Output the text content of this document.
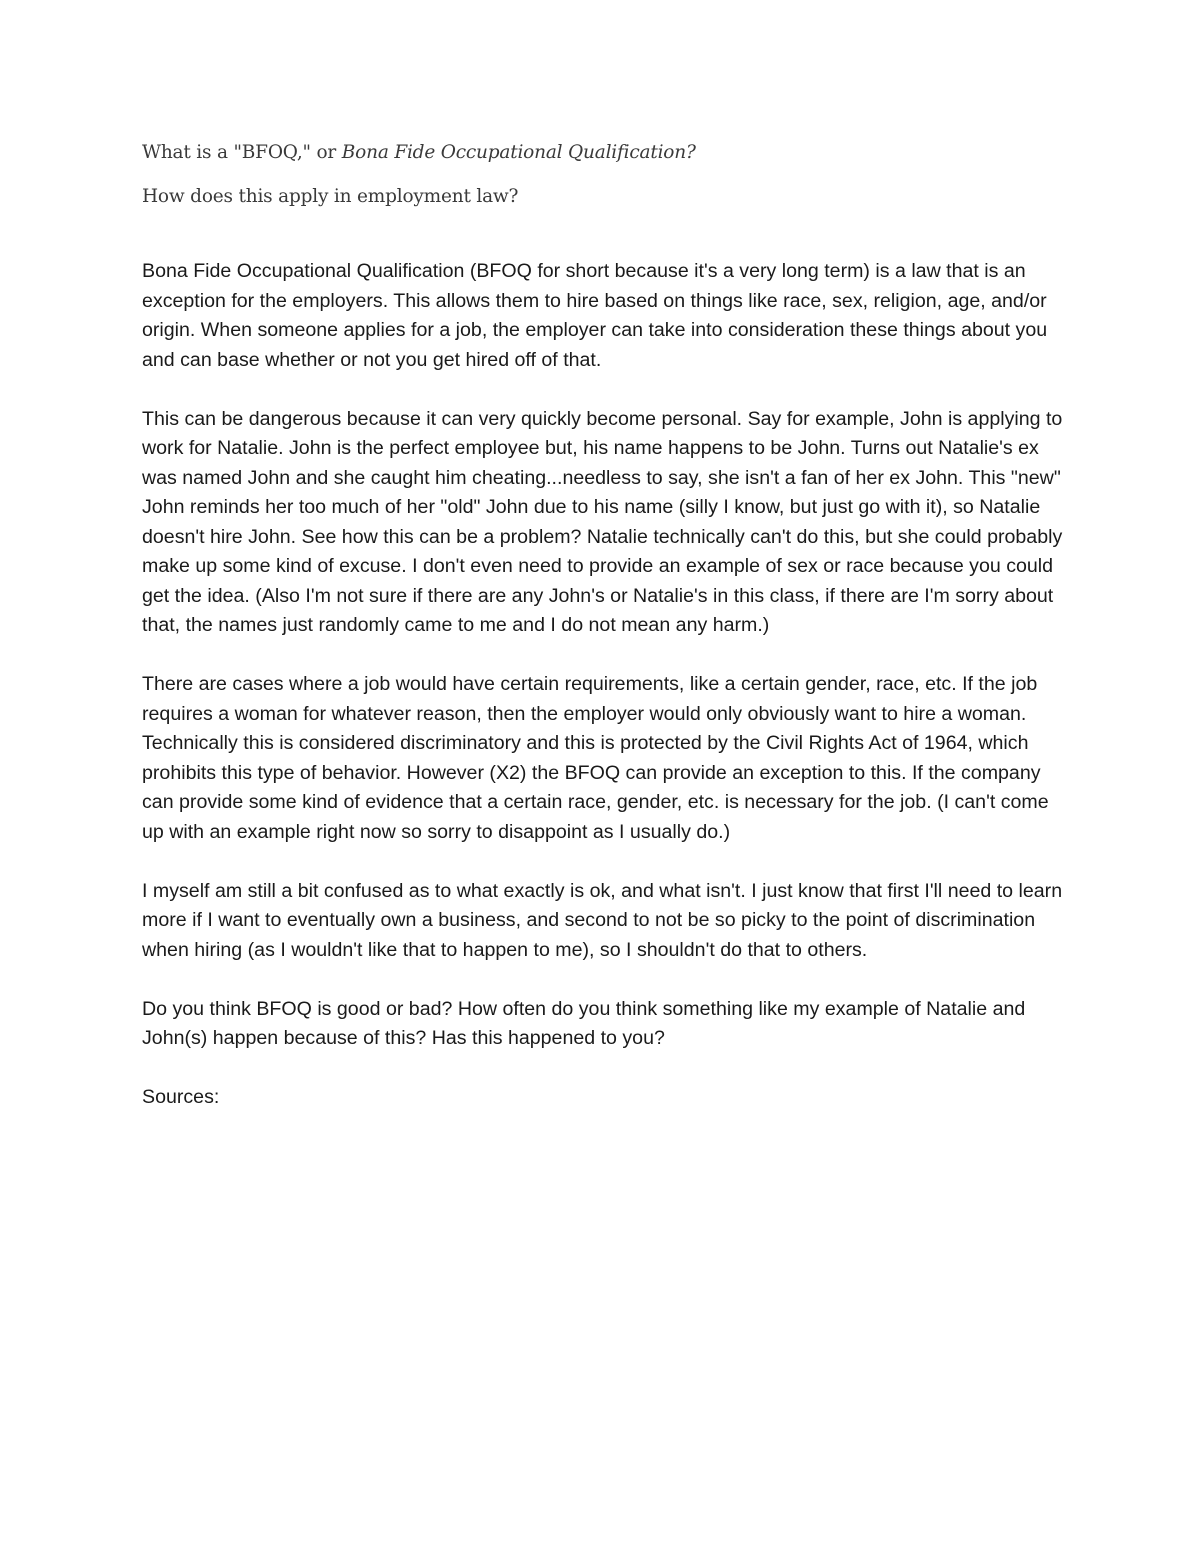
What is a "BFOQ," or Bona Fide Occupational Qualification?

How does this apply in employment law?

Bona Fide Occupational Qualification (BFOQ for short because it's a very long term) is a law that is an exception for the employers. This allows them to hire based on things like race, sex, religion, age, and/or origin. When someone applies for a job, the employer can take into consideration these things about you and can base whether or not you get hired off of that.

This can be dangerous because it can very quickly become personal. Say for example, John is applying to work for Natalie. John is the perfect employee but, his name happens to be John. Turns out Natalie's ex was named John and she caught him cheating...needless to say, she isn't a fan of her ex John. This "new" John reminds her too much of her "old" John due to his name (silly I know, but just go with it), so Natalie doesn't hire John. See how this can be a problem? Natalie technically can't do this, but she could probably make up some kind of excuse. I don't even need to provide an example of sex or race because you could get the idea. (Also I'm not sure if there are any John's or Natalie's in this class, if there are I'm sorry about that, the names just randomly came to me and I do not mean any harm.)

There are cases where a job would have certain requirements, like a certain gender, race, etc. If the job requires a woman for whatever reason, then the employer would only obviously want to hire a woman. Technically this is considered discriminatory and this is protected by the Civil Rights Act of 1964, which prohibits this type of behavior. However (X2) the BFOQ can provide an exception to this. If the company can provide some kind of evidence that a certain race, gender, etc. is necessary for the job. (I can't come up with an example right now so sorry to disappoint as I usually do.)

I myself am still a bit confused as to what exactly is ok, and what isn't. I just know that first I'll need to learn more if I want to eventually own a business, and second to not be so picky to the point of discrimination when hiring (as I wouldn't like that to happen to me), so I shouldn't do that to others.

Do you think BFOQ is good or bad? How often do you think something like my example of Natalie and John(s) happen because of this? Has this happened to you?

Sources:
